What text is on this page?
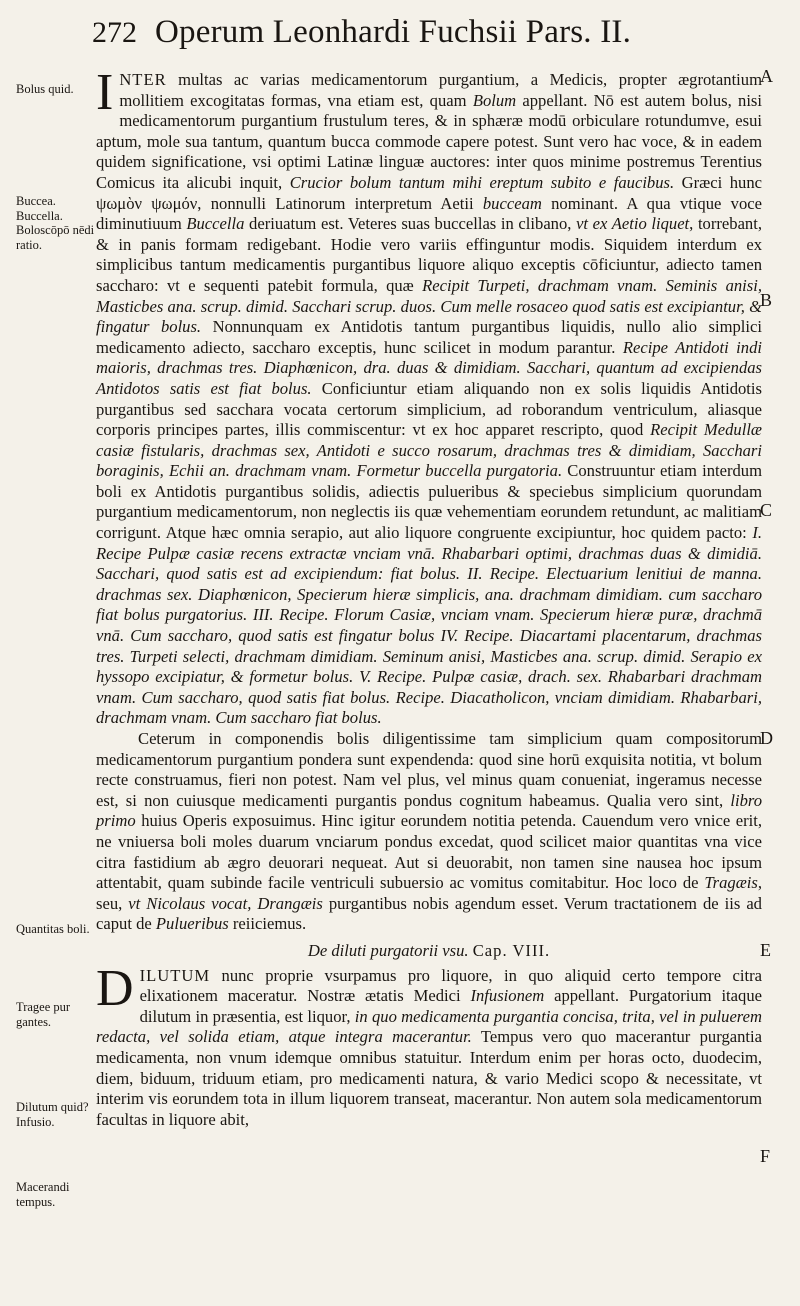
272 Operum Leonhardi Fuchsii Pars. II.
Bolus quid.
Buccea. Buccella. Boloscōpō nēdi ratio.
Quantitas boli.
Tragee pur gantes.
Dilutum quid? Infusio.
Macerandi tempus.
A
B
C
D
E
F

INTER multas ac varias medicamentorum purgantium, a Medicis, propter ægrotantium mollitiem excogitatas formas, vna etiam est, quam Bolum appellant. Nō est autem bolus, nisi medicamentorum purgantium frustulum teres, & in sphæræ modū orbiculare rotundumve, esui aptum, mole sua tantum, quantum bucca commode capere potest. Sunt vero hac voce, & in eadem quidem significatione, vsi optimi Latinæ linguæ auctores: inter quos minime postremus Terentius Comicus ita alicubi inquit, Crucior bolum tantum mihi ereptum subito e faucibus. Græci hunc ψωμὸν ψωμόν, nonnulli Latinorum interpretum Aetii bucceam nominant. A qua vtique voce diminutiuum Buccella deriuatum est. Veteres suas buccellas in clibano, vt ex Aetio liquet, torrebant, & in panis formam redigebant. Hodie vero variis effinguntur modis. Siquidem interdum ex simplicibus tantum medicamentis purgantibus liquore aliquo exceptis cōficiuntur, adiecto tamen saccharo: vt e sequenti patebit formula, quæ Recipit Turpeti, drachmam vnam. Seminis anisi, Masticbes ana. scrup. dimid. Sacchari scrup. duos. Cum melle rosaceo quod satis est excipiantur, & fingatur bolus. Nonnunquam ex Antidotis tantum purgantibus liquidis, nullo alio simplici medicamento adiecto, saccharo exceptis, hunc scilicet in modum parantur. Recipe Antidoti indi maioris, drachmas tres. Diaphœnicon, dra. duas & dimidiam. Sacchari, quantum ad excipiendas Antidotos satis est fiat bolus. Conficiuntur etiam aliquando non ex solis liquidis Antidotis purgantibus sed sacchara vocata certorum simplicium, ad roborandum ventriculum, aliasque corporis principes partes, illis commiscentur: vt ex hoc apparet rescripto, quod Recipit Medullæ casiæ fistularis, drachmas sex, Antidoti e succo rosarum, drachmas tres & dimidiam, Sacchari boraginis, Echii an. drachmam vnam. Formetur buccella purgatoria. Construuntur etiam interdum boli ex Antidotis purgantibus solidis, adiectis pulueribus & speciebus simplicium quorundam purgantium medicamentorum, non neglectis iis quæ vehementiam eorundem retundunt, ac malitiam corrigunt. Atque hæc omnia serapio, aut alio liquore congruente excipiuntur, hoc quidem pacto: I. Recipe Pulpæ casiæ recens extractæ vnciam vnā. Rhabarbari optimi, drachmas duas & dimidiā. Sacchari, quod satis est ad excipiendum: fiat bolus. II. Recipe. Electuarium lenitiui de manna. drachmas sex. Diaphœnicon, Specierum hieræ simplicis, ana. drachmam dimidiam. cum saccharo fiat bolus purgatorius. III. Recipe. Florum Casiæ, vnciam vnam. Specierum hieræ puræ, drachmā vnā. Cum saccharo, quod satis est fingatur bolus IV. Recipe. Diacartami placentarum, drachmas tres. Turpeti selecti, drachmam dimidiam. Seminum anisi, Masticbes ana. scrup. dimid. Serapio ex hyssopo excipiatur, & formetur bolus. V. Recipe. Pulpæ casiæ, drach. sex. Rhabarbari drachmam vnam. Cum saccharo, quod satis fiat bolus. Recipe. Diacatholicon, vnciam dimidiam. Rhabarbari, drachmam vnam. Cum saccharo fiat bolus.

Ceterum in componendis bolis diligentissime tam simplicium quam compositorum medicamentorum purgantium pondera sunt expendenda: quod sine horū exquisita notitia, vt bolum recte construamus, fieri non potest. Nam vel plus, vel minus quam conueniat, ingeramus necesse est, si non cuiusque medicamenti purgantis pondus cognitum habeamus. Qualia vero sint, libro primo huius Operis exposuimus. Hinc igitur eorundem notitia petenda. Cauendum vero vnice erit, ne vniuersa boli moles duarum vnciarum pondus excedat, quod scilicet maior quantitas vna vice citra fastidium ab ægro deuorari nequeat. Aut si deuorabit, non tamen sine nausea hoc ipsum attentabit, quam subinde facile ventriculi subuersio ac vomitus comitabitur. Hoc loco de Tragæis, seu, vt Nicolaus vocat, Drangæis purgantibus nobis agendum esset. Verum tractationem de iis ad caput de Pulueribus reiiciemus.

De diluti purgatorii vsu. Cap. VIII.

DILUTUM nunc proprie vsurpamus pro liquore, in quo aliquid certo tempore citra elixationem maceratur. Nostræ ætatis Medici Infusionem appellant. Purgatorium itaque dilutum in præsentia, est liquor, in quo medicamenta purgantia concisa, trita, vel in puluerem redacta, vel solida etiam, atque integra macerantur. Tempus vero quo macerantur purgantia medicamenta, non vnum idemque omnibus statuitur. Interdum enim per horas octo, duodecim, diem, biduum, triduum etiam, pro medicamenti natura, & vario Medici scopo & necessitate, vt interim vis eorundem tota in illum liquorem transeat, macerantur. Non autem sola medicamentorum facultas in liquore abit,
